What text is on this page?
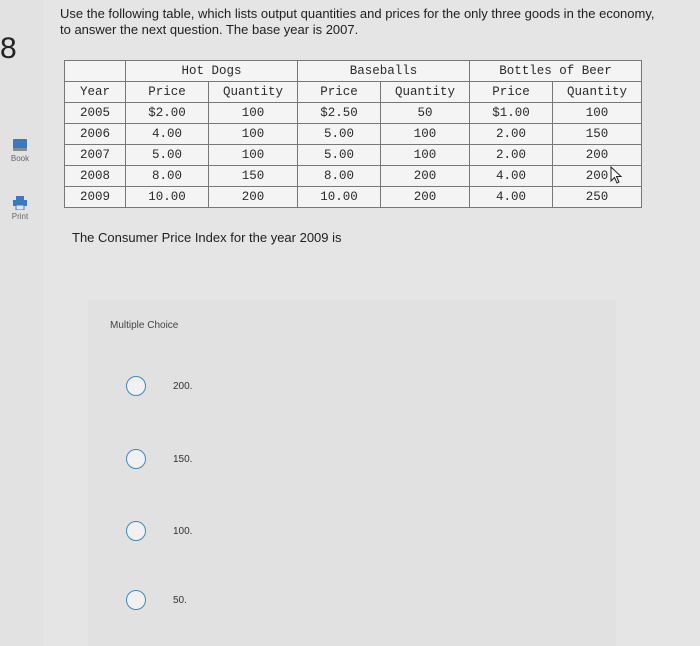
8
Book
Print
Use the following table, which lists output quantities and prices for the only three goods in the economy, to answer the next question. The base year is 2007.
	Hot Dogs		Baseballs		Bottles of Beer	
Year	Price	Quantity	Price	Quantity	Price	Quantity
2005	$2.00	100	$2.50	50	$1.00	100
2006	4.00	100	5.00	100	2.00	150
2007	5.00	100	5.00	100	2.00	200
2008	8.00	150	8.00	200	4.00	200
2009	10.00	200	10.00	200	4.00	250
The Consumer Price Index for the year 2009 is
Multiple Choice
200.
150.
100.
50.
